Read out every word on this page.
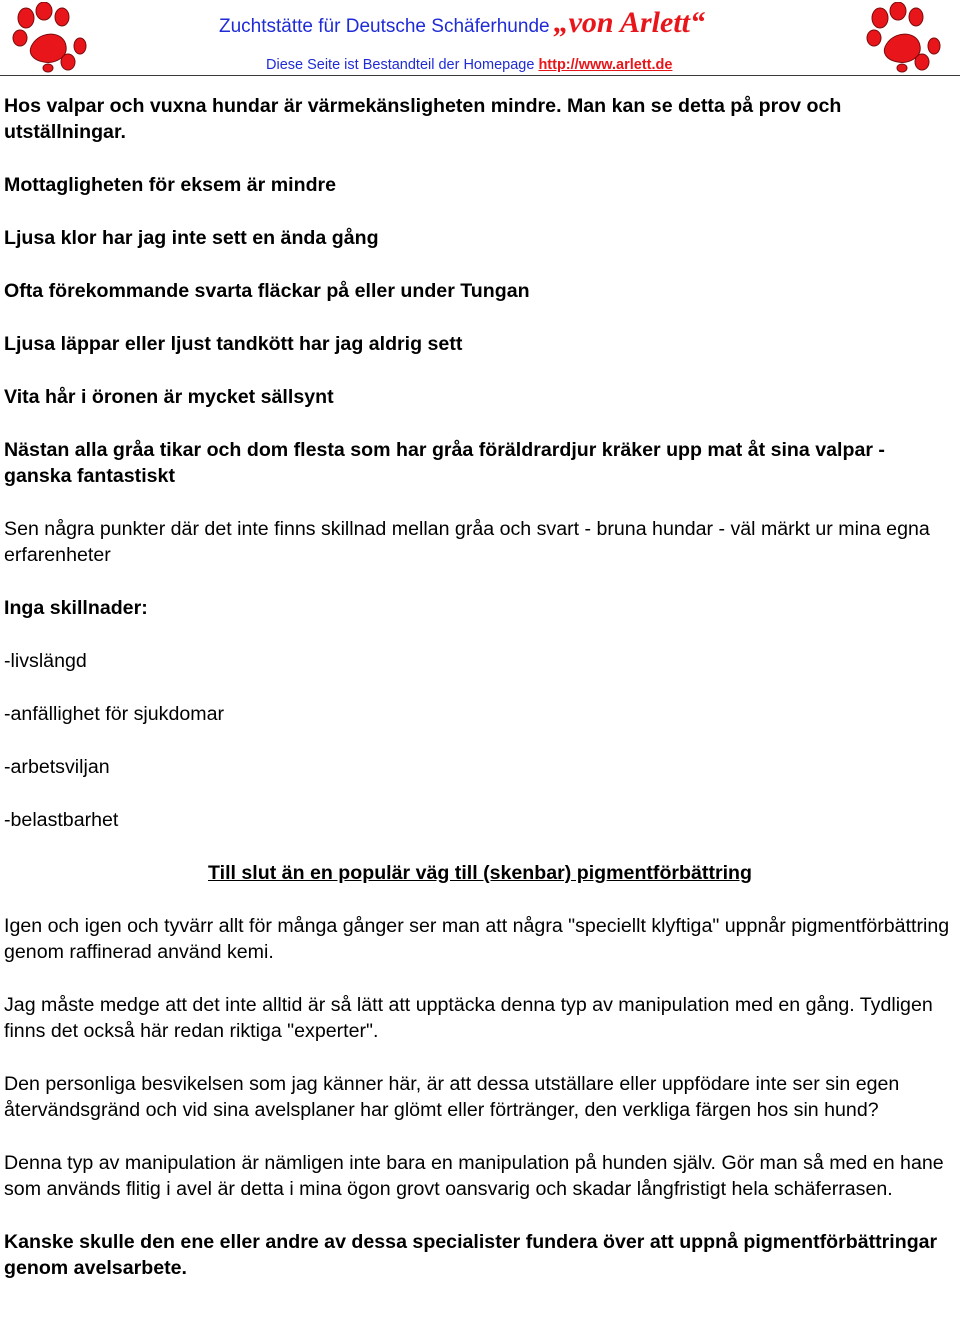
Zuchtstätte für Deutsche Schäferhunde „von Arlett“
Diese Seite ist Bestandteil der Homepage http://www.arlett.de

Hos valpar och vuxna hundar är värmekänsligheten mindre. Man kan se detta på prov och utställningar.

Mottagligheten för eksem är mindre

Ljusa klor har jag inte sett en ända gång

Ofta förekommande svarta fläckar på eller under Tungan

Ljusa läppar eller ljust tandkött har jag aldrig sett

Vita hår i öronen är mycket sällsynt

Nästan alla gråa tikar och dom flesta som har gråa föräldrardjur kräker upp mat åt sina valpar - ganska fantastiskt

Sen några punkter där det inte finns skillnad mellan gråa och svart - bruna hundar - väl märkt ur mina egna erfarenheter

Inga skillnader:

-livslängd

-anfällighet för sjukdomar

-arbetsviljan

-belastbarhet

Till slut än en populär väg till (skenbar) pigmentförbättring

Igen och igen och tyvärr allt för många gånger ser man att några "speciellt klyftiga" uppnår pigmentförbättring genom raffinerad använd kemi.

Jag måste medge att det inte alltid är så lätt att upptäcka denna typ av manipulation med en gång. Tydligen finns det också här redan riktiga "experter".

Den personliga besvikelsen som jag känner här, är att dessa utställare eller uppfödare inte ser sin egen återvändsgränd och vid sina avelsplaner har glömt eller förtränger, den verkliga färgen hos sin hund?

Denna typ av manipulation är nämligen inte bara en manipulation på hunden själv. Gör man så med en hane som används flitig i avel är detta i mina ögon grovt oansvarig och skadar långfristigt hela schäferrasen.

Kanske skulle den ene eller andre av dessa specialister fundera över att uppnå pigmentförbättringar genom avelsarbete.
